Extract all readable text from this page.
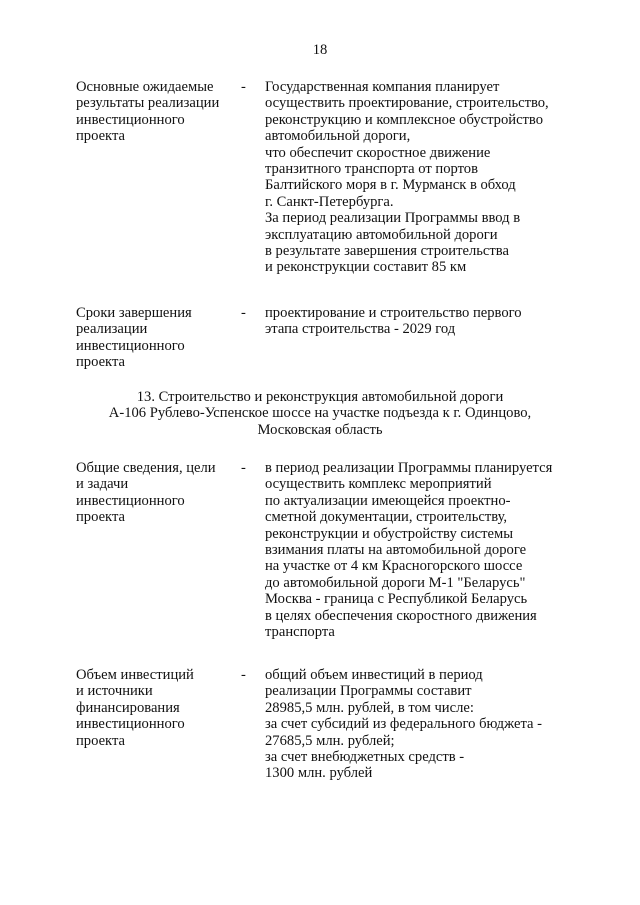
18
Основные ожидаемые
результаты реализации
инвестиционного
проекта
- Государственная компания планирует
осуществить проектирование, строительство,
реконструкцию и комплексное обустройство
автомобильной дороги,
что обеспечит скоростное движение
транзитного транспорта от портов
Балтийского моря в г. Мурманск в обход
г. Санкт-Петербурга.
За период реализации Программы ввод в
эксплуатацию автомобильной дороги
в результате завершения строительства
и реконструкции составит 85 км
Сроки завершения
реализации
инвестиционного
проекта
- проектирование и строительство первого
этапа строительства - 2029 год
13. Строительство и реконструкция автомобильной дороги
А-106 Рублево-Успенское шоссе на участке подъезда к г. Одинцово,
Московская область
Общие сведения, цели
и задачи
инвестиционного
проекта
- в период реализации Программы планируется
осуществить комплекс мероприятий
по актуализации имеющейся проектно-
сметной документации, строительству,
реконструкции и обустройству системы
взимания платы на автомобильной дороге
на участке от 4 км Красногорского шоссе
до автомобильной дороги М-1 "Беларусь"
Москва - граница с Республикой Беларусь
в целях обеспечения скоростного движения
транспорта
Объем инвестиций
и источники
финансирования
инвестиционного
проекта
- общий объем инвестиций в период
реализации Программы составит
28985,5 млн. рублей, в том числе:
за счет субсидий из федерального бюджета -
27685,5 млн. рублей;
за счет внебюджетных средств -
1300 млн. рублей
